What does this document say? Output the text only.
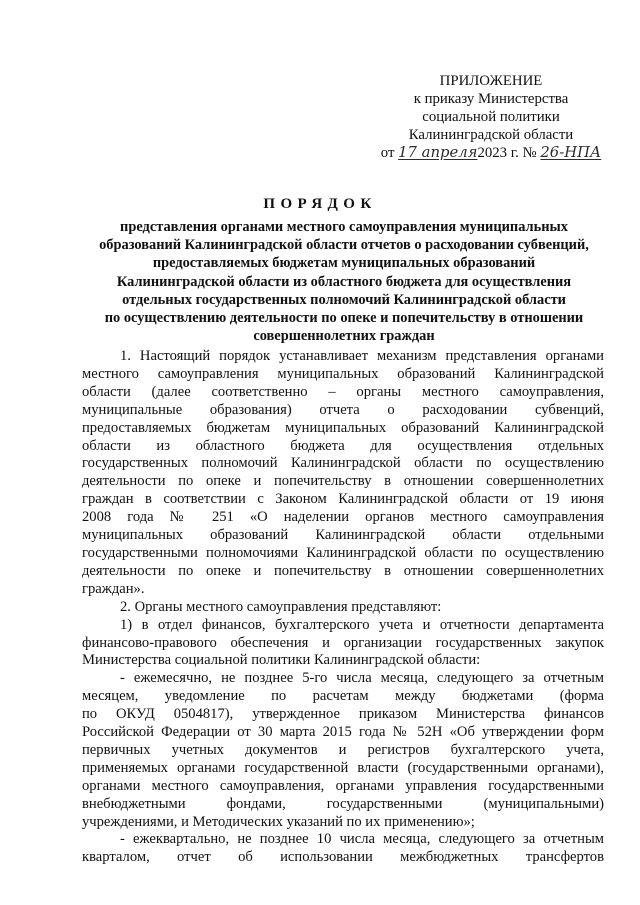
ПРИЛОЖЕНИЕ
к приказу Министерства
социальной политики
Калининградской области
от 17 апреля2023 г. № 26-НПА
ПОРЯДОК
представления органами местного самоуправления муниципальных
образований Калининградской области отчетов о расходовании субвенций,
предоставляемых бюджетам муниципальных образований
Калининградской области из областного бюджета для осуществления
отдельных государственных полномочий Калининградской области
по осуществлению деятельности по опеке и попечительству в отношении
совершеннолетних граждан
1. Настоящий порядок устанавливает механизм представления органами
местного самоуправления муниципальных образований Калининградской
области (далее соответственно – органы местного самоуправления,
муниципальные образования) отчета о расходовании субвенций,
предоставляемых бюджетам муниципальных образований Калининградской
области из областного бюджета для осуществления отдельных
государственных полномочий Калининградской области по осуществлению
деятельности по опеке и попечительству в отношении совершеннолетних
граждан в соответствии с Законом Калининградской области от 19 июня
2008 года № 251 «О наделении органов местного самоуправления
муниципальных образований Калининградской области отдельными
государственными полномочиями Калининградской области по осуществлению
деятельности по опеке и попечительству в отношении совершеннолетних
граждан».
2. Органы местного самоуправления представляют:
1) в отдел финансов, бухгалтерского учета и отчетности департамента
финансово-правового обеспечения и организации государственных закупок
Министерства социальной политики Калининградской области:
- ежемесячно, не позднее 5-го числа месяца, следующего за отчетным
месяцем, уведомление по расчетам между бюджетами (форма
по ОКУД 0504817), утвержденное приказом Министерства финансов
Российской Федерации от 30 марта 2015 года № 52Н «Об утверждении форм
первичных учетных документов и регистров бухгалтерского учета,
применяемых органами государственной власти (государственными органами),
органами местного самоуправления, органами управления государственными
внебюджетными фондами, государственными (муниципальными)
учреждениями, и Методических указаний по их применению»;
- ежеквартально, не позднее 10 числа месяца, следующего за отчетным
кварталом, отчет об использовании межбюджетных трансфертов
